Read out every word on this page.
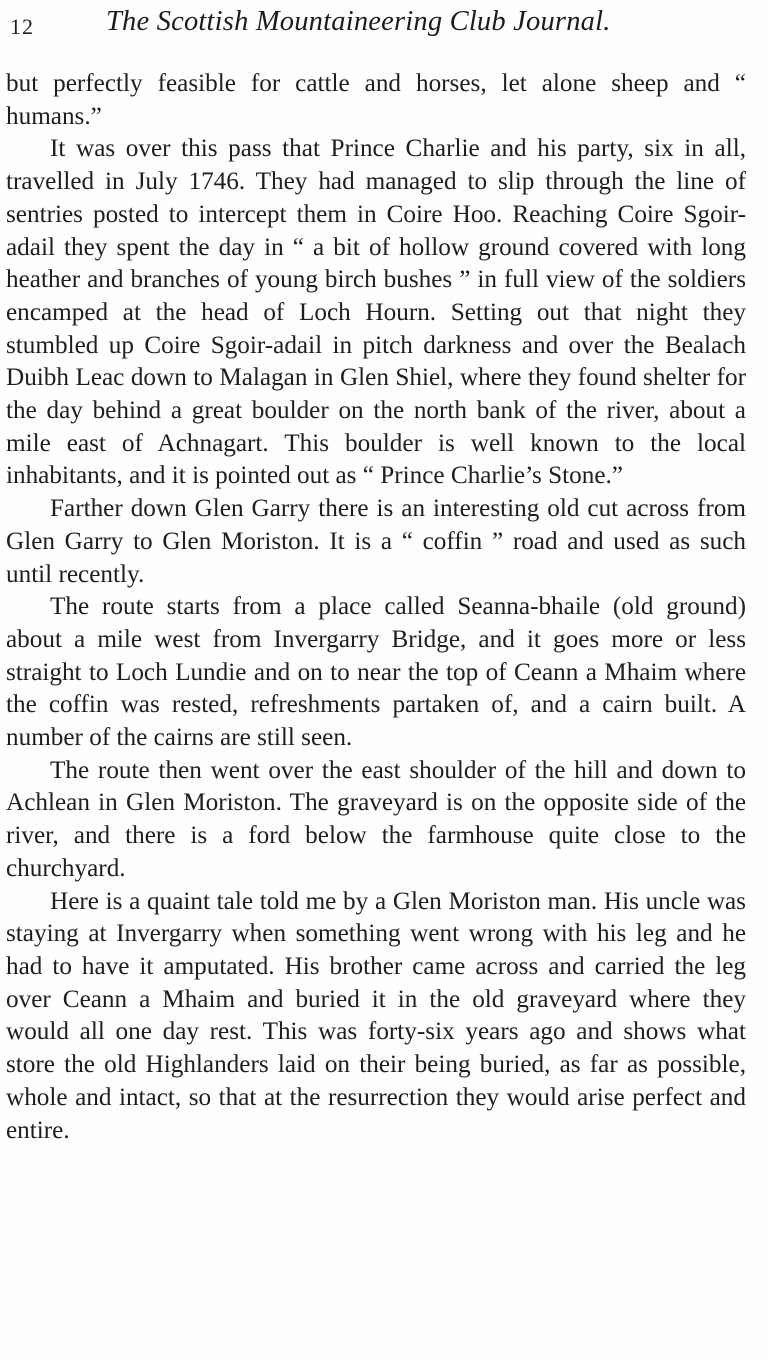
12	The Scottish Mountaineering Club Journal.

but perfectly feasible for cattle and horses, let alone sheep and “ humans.”

It was over this pass that Prince Charlie and his party, six in all, travelled in July 1746. They had managed to slip through the line of sentries posted to intercept them in Coire Hoo. Reaching Coire Sgoir-adail they spent the day in “ a bit of hollow ground covered with long heather and branches of young birch bushes ” in full view of the soldiers encamped at the head of Loch Hourn. Setting out that night they stumbled up Coire Sgoir-adail in pitch darkness and over the Bealach Duibh Leac down to Malagan in Glen Shiel, where they found shelter for the day behind a great boulder on the north bank of the river, about a mile east of Achnagart. This boulder is well known to the local inhabitants, and it is pointed out as “ Prince Charlie’s Stone.”

Farther down Glen Garry there is an interesting old cut across from Glen Garry to Glen Moriston. It is a “ coffin ” road and used as such until recently.

The route starts from a place called Seanna-bhaile (old ground) about a mile west from Invergarry Bridge, and it goes more or less straight to Loch Lundie and on to near the top of Ceann a Mhaim where the coffin was rested, refreshments partaken of, and a cairn built. A number of the cairns are still seen.

The route then went over the east shoulder of the hill and down to Achlean in Glen Moriston. The graveyard is on the opposite side of the river, and there is a ford below the farmhouse quite close to the churchyard.

Here is a quaint tale told me by a Glen Moriston man. His uncle was staying at Invergarry when something went wrong with his leg and he had to have it amputated. His brother came across and carried the leg over Ceann a Mhaim and buried it in the old graveyard where they would all one day rest. This was forty-six years ago and shows what store the old Highlanders laid on their being buried, as far as possible, whole and intact, so that at the resurrection they would arise perfect and entire.
